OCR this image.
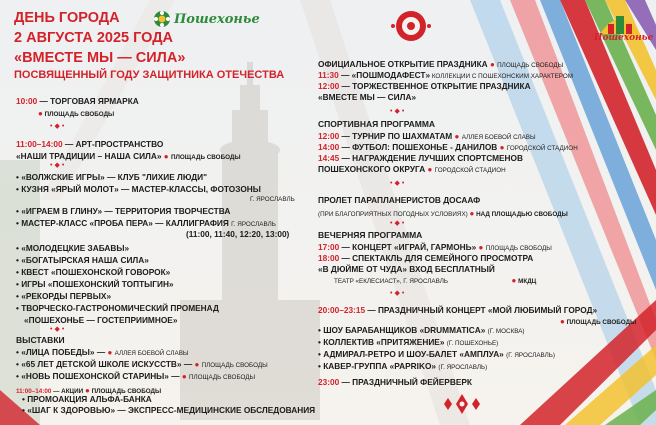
ДЕНЬ ГОРОДА	Пошехонье
2 АВГУСТА 2025 ГОДА
«ВМЕСТЕ МЫ — СИЛА»
ПОСВЯЩЕННЫЙ ГОДУ ЗАЩИТНИКА ОТЕЧЕСТВА
10:00 — ТОРГОВАЯ ЯРМАРКА
● ПЛОЩАДЬ СВОБОДЫ
•◆•
11:00–14:00 — АРТ-ПРОСТРАНСТВО
«НАШИ ТРАДИЦИИ – НАША СИЛА» ● ПЛОЩАДЬ СВОБОДЫ
•◆•
• «ВОЛЖСКИЕ ИГРЫ» — КЛУБ "ЛИХИЕ ЛЮДИ"
• КУЗНЯ «ЯРЫЙ МОЛОТ» — МАСТЕР-КЛАССЫ, ФОТОЗОНЫ
Г. ЯРОСЛАВЛЬ
• «ИГРАЕМ В ГЛИНУ» — ТЕРРИТОРИЯ ТВОРЧЕСТВА
• МАСТЕР-КЛАСС «ПРОБА ПЕРА» — КАЛЛИГРАФИЯ Г. ЯРОСЛАВЛЬ
(11:00, 11:40, 12:20, 13:00)
• «МОЛОДЕЦКИЕ ЗАБАВЫ»
• «БОГАТЫРСКАЯ НАША СИЛА»
• КВЕСТ «ПОШЕХОНСКОЙ ГОВОРОК»
• ИГРЫ «ПОШЕХОНСКИЙ ТОПТЫГИН»
• «РЕКОРДЫ ПЕРВЫХ»
• ТВОРЧЕСКО-ГАСТРОНОМИЧЕСКИЙ ПРОМЕНАД
«ПОШЕХОНЬЕ — ГОСТЕПРИИМНОЕ»
•◆•
ВЫСТАВКИ
• «ЛИЦА ПОБЕДЫ» — ● АЛЛЕЯ БОЕВОЙ СЛАВЫ
• «65 ЛЕТ ДЕТСКОЙ ШКОЛЕ ИСКУССТВ» — ● ПЛОЩАДЬ СВОБОДЫ
• «НОВЬ ПОШЕХОНСКОЙ СТАРИНЫ» — ● ПЛОЩАДЬ СВОБОДЫ
11:00–14:00 — АКЦИИ ● ПЛОЩАДЬ СВОБОДЫ
• ПРОМОАКЦИЯ АЛЬФА-БАНКА
• «ШАГ К ЗДОРОВЬЮ» — ЭКСПРЕСС-МЕДИЦИНСКИЕ ОБСЛЕДОВАНИЯ
Пошехонье
ОФИЦИАЛЬНОЕ ОТКРЫТИЕ ПРАЗДНИКА ● ПЛОЩАДЬ СВОБОДЫ
11:30 — «ПОШМОДАФЕСТ» КОЛЛЕКЦИИ С ПОШЕХОНСКИМ ХАРАКТЕРОМ
12:00 — ТОРЖЕСТВЕННОЕ ОТКРЫТИЕ ПРАЗДНИКА
«ВМЕСТЕ МЫ — СИЛА»
•◆•
СПОРТИВНАЯ ПРОГРАММА
12:00 — ТУРНИР ПО ШАХМАТАМ ● АЛЛЕЯ БОЕВОЙ СЛАВЫ
14:00 — ФУТБОЛ: ПОШЕХОНЬЕ - ДАНИЛОВ ● ГОРОДСКОЙ СТАДИОН
14:45 — НАГРАЖДЕНИЕ ЛУЧШИХ СПОРТСМЕНОВ
ПОШЕХОНСКОГО ОКРУГА ● ГОРОДСКОЙ СТАДИОН
•◆•
ПРОЛЕТ ПАРАПЛАНЕРИСТОВ ДОСААФ
(ПРИ БЛАГОПРИЯТНЫХ ПОГОДНЫХ УСЛОВИЯХ) ● НАД ПЛОЩАДЬЮ СВОБОДЫ
•◆•
ВЕЧЕРНЯЯ ПРОГРАММА
17:00 — КОНЦЕРТ «ИГРАЙ, ГАРМОНЬ» ● ПЛОЩАДЬ СВОБОДЫ
18:00 — СПЕКТАКЛЬ ДЛЯ СЕМЕЙНОГО ПРОСМОТРА
«В ДЮЙМЕ ОТ ЧУДА» ВХОД БЕСПЛАТНЫЙ
ТЕАТР «ЕКЛЕСИАСТ», Г. ЯРОСЛАВЛЬ	● МКДЦ
•◆•
20:00–23:15 — ПРАЗДНИЧНЫЙ КОНЦЕРТ «МОЙ ЛЮБИМЫЙ ГОРОД»
● ПЛОЩАДЬ СВОБОДЫ
• ШОУ БАРАБАНЩИКОВ «DRUMMATICA» (Г. МОСКВА)
• КОЛЛЕКТИВ «ПРИТЯЖЕНИЕ» (Г. ПОШЕХОНЬЕ)
• АДМИРАЛ-РЕТРО И ШОУ-БАЛЕТ «АМПЛУА» (Г. ЯРОСЛАВЛЬ)
• КАВЕР-ГРУППА «PAPRIKO» (Г. ЯРОСЛАВЛЬ)
23:00 — ПРАЗДНИЧНЫЙ ФЕЙЕРВЕРК
